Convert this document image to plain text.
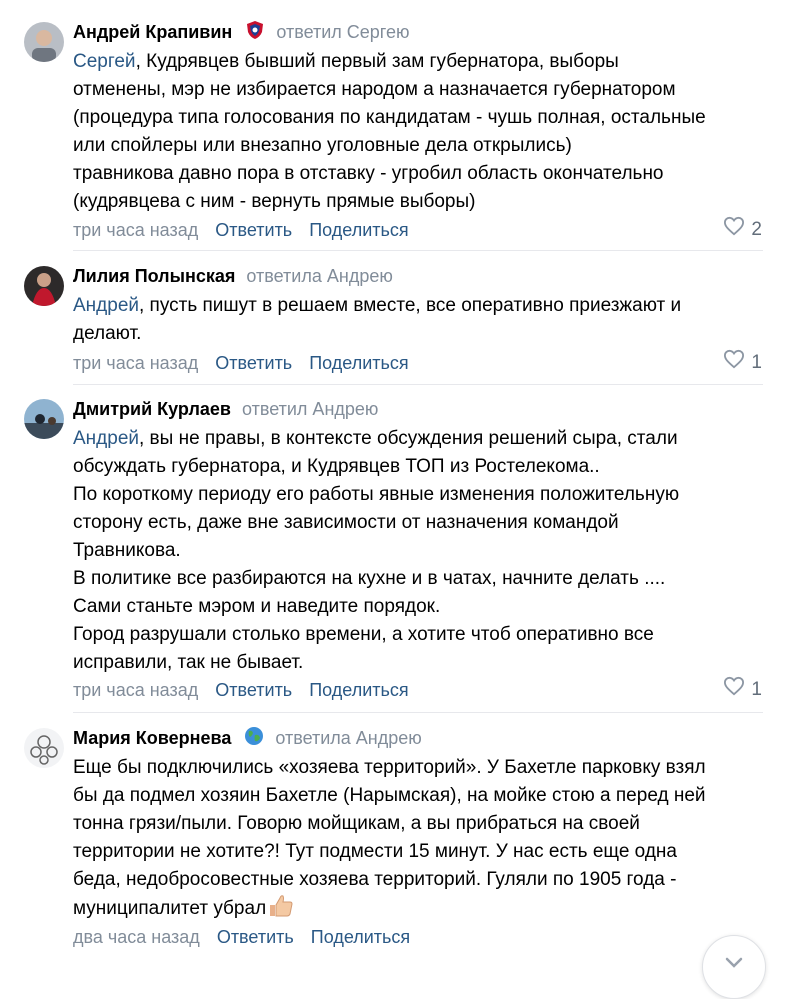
Андрей Крапивин ответил Сергею
Сергей, Кудрявцев бывший первый зам губернатора, выборы
отменены, мэр не избирается народом а назначается губернатором
(процедура типа голосования по кандидатам - чушь полная, остальные
или спойлеры или внезапно уголовные дела открылись)
травникова давно пора в отставку - угробил область окончательно
(кудрявцева с ним - вернуть прямые выборы)
три часа назад Ответить Поделиться	2
Лилия Полынская ответила Андрею
Андрей, пусть пишут в решаем вместе, все оперативно приезжают и
делают.
три часа назад Ответить Поделиться	1
Дмитрий Курлаев ответил Андрею
Андрей, вы не правы, в контексте обсуждения решений сыра, стали
обсуждать губернатора, и Кудрявцев ТОП из Ростелекома..
По короткому периоду его работы явные изменения положительную
сторону есть, даже вне зависимости от назначения командой
Травникова.
В политике все разбираются на кухне и в чатах, начните делать ....
Сами станьте мэром и наведите порядок.
Город разрушали столько времени, а хотите чтоб оперативно все
исправили, так не бывает.
три часа назад Ответить Поделиться	1
Мария Ковернева ответила Андрею
Еще бы подключились «хозяева территорий». У Бахетле парковку взял
бы да подмел хозяин Бахетле (Нарымская), на мойке стою а перед ней
тонна грязи/пыли. Говорю мойщикам, а вы прибраться на своей
территории не хотите?! Тут подмести 15 минут. У нас есть еще одна
беда, недобросовестные хозяева территорий. Гуляли по 1905 года -
муниципалитет убрал
два часа назад Ответить Поделиться
